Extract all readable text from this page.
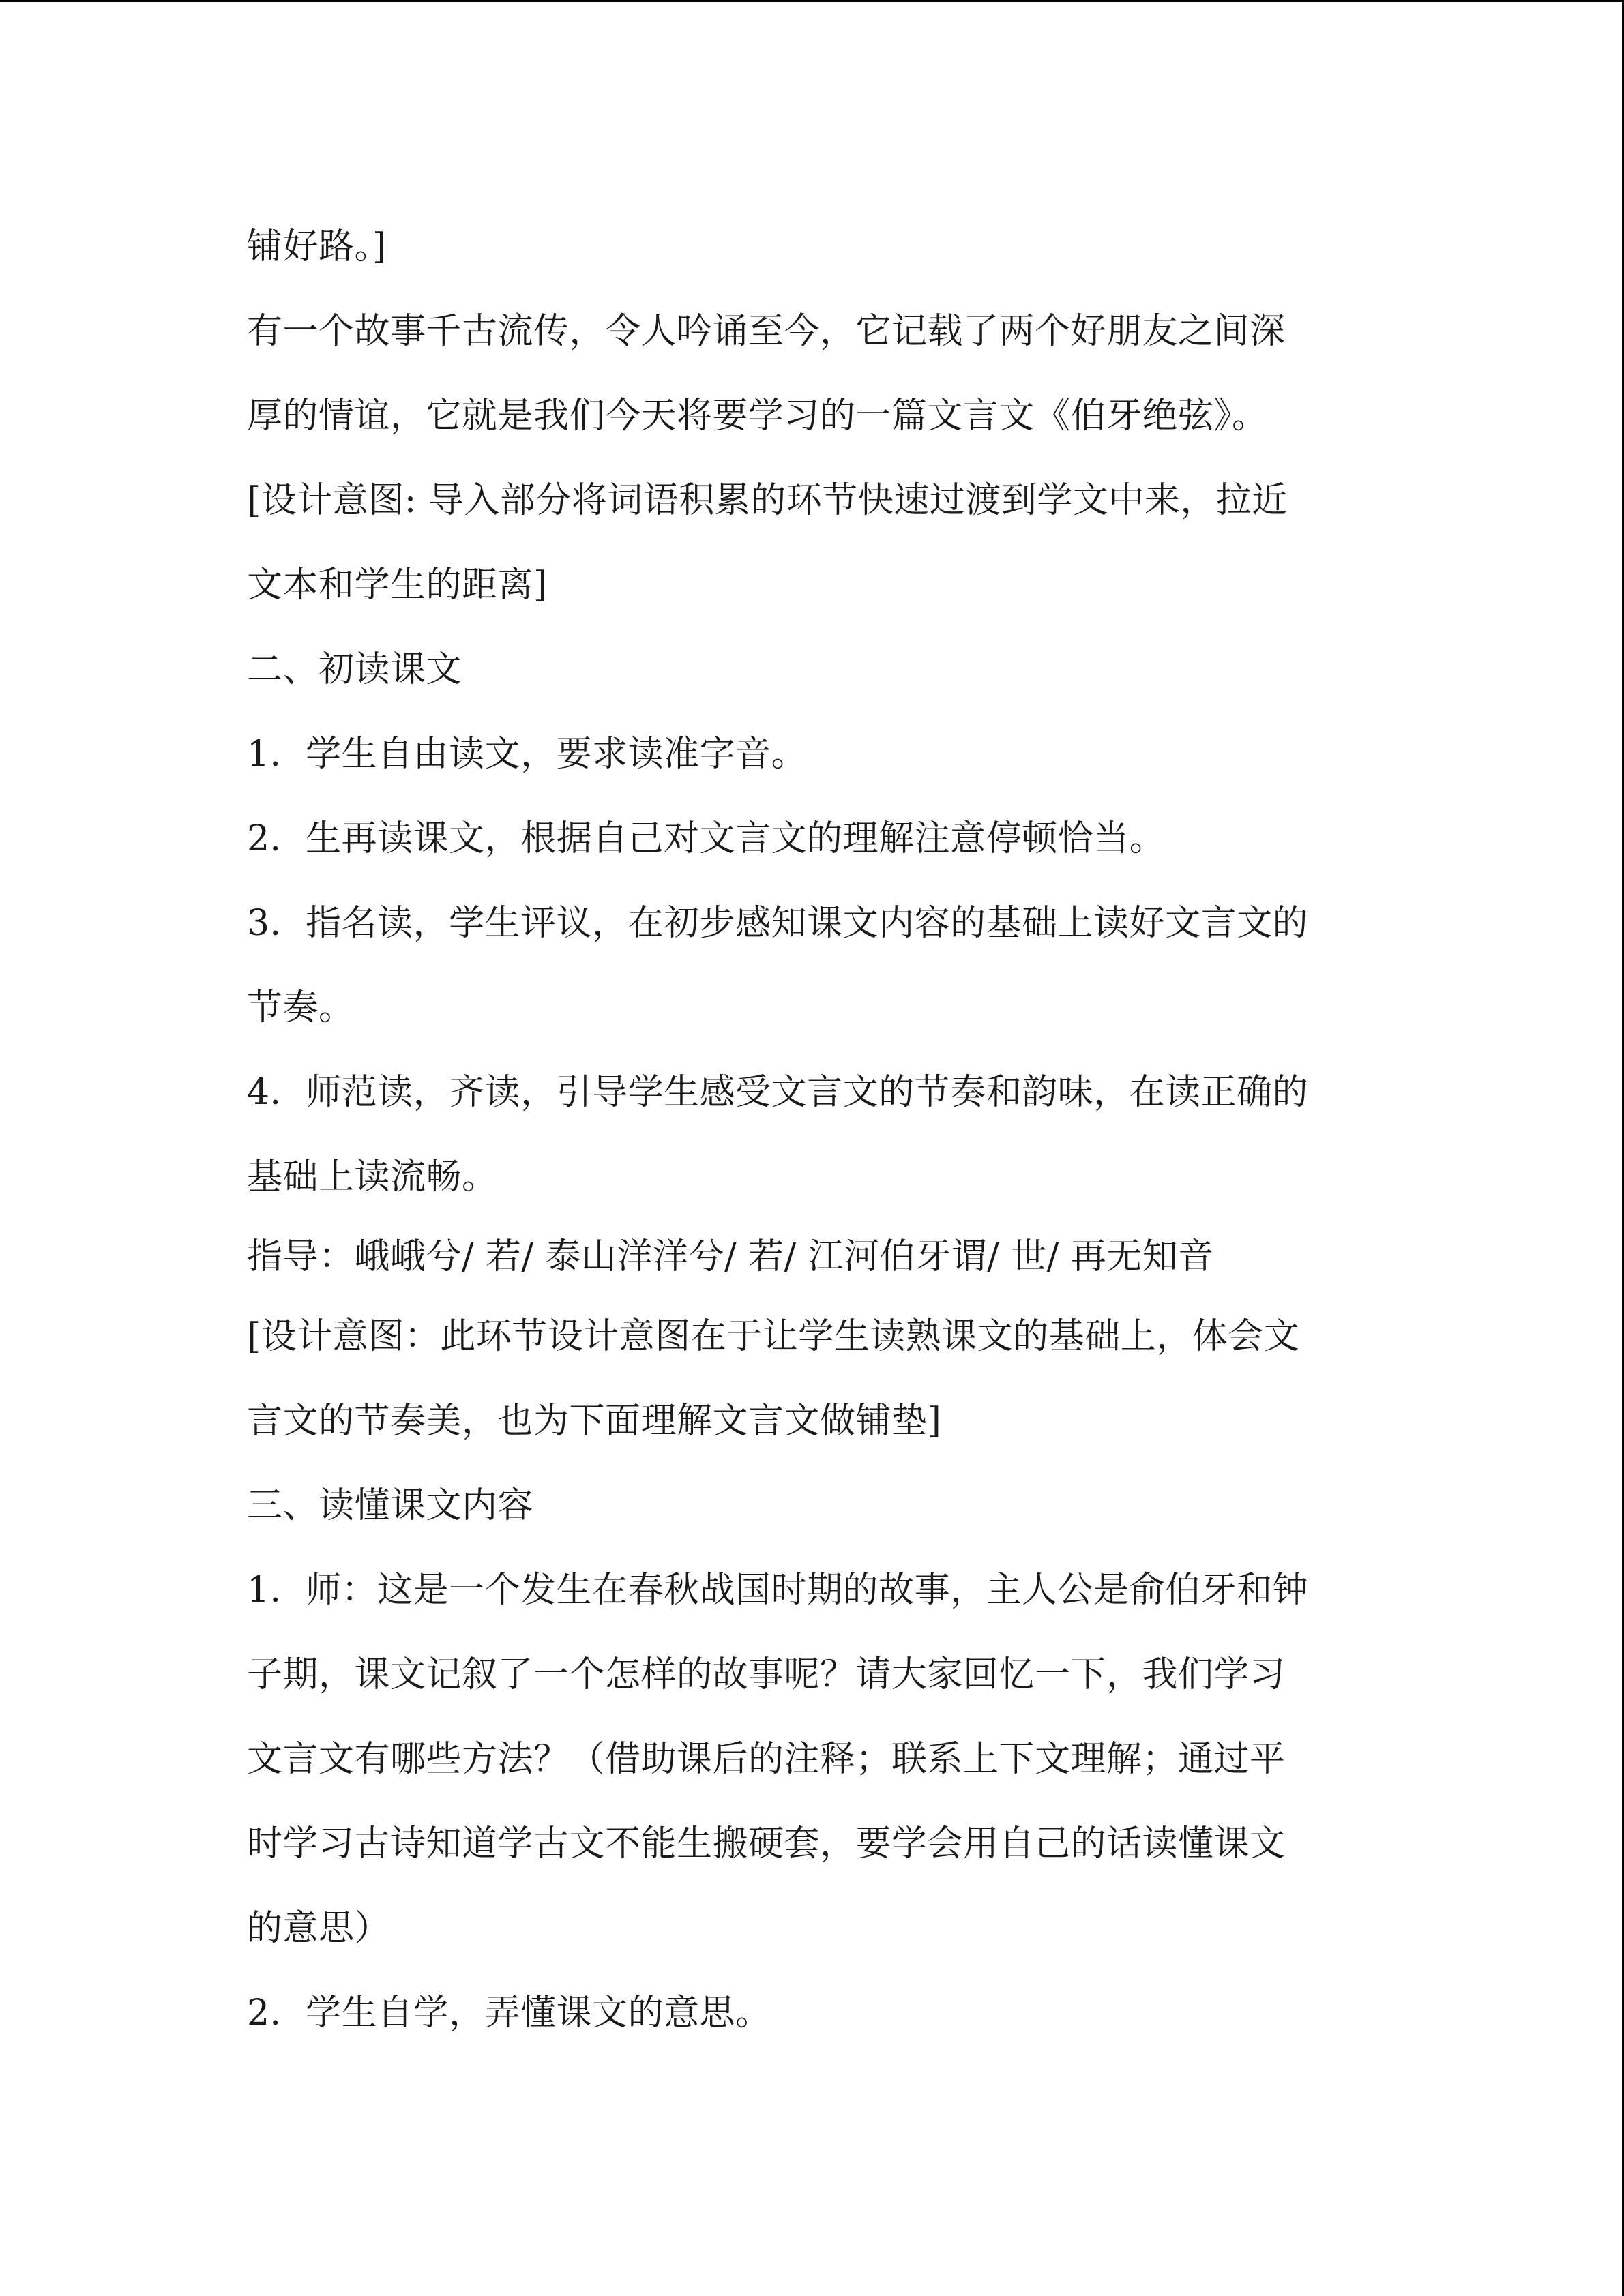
铺好路。]
有一个故事千古流传，令人吟诵至今，它记载了两个好朋友之间深
厚的情谊，它就是我们今天将要学习的一篇文言文《伯牙绝弦》。
[设计意图: 导入部分将词语积累的环节快速过渡到学文中来，拉近
文本和学生的距离]
二、初读课文
1．学生自由读文，要求读准字音。
2．生再读课文，根据自己对文言文的理解注意停顿恰当。
3．指名读，学生评议，在初步感知课文内容的基础上读好文言文的
节奏。
4．师范读，齐读，引导学生感受文言文的节奏和韵味，在读正确的
基础上读流畅。
指导：峨峨兮/ 若/ 泰山洋洋兮/ 若/ 江河伯牙谓/ 世/ 再无知音
[设计意图：此环节设计意图在于让学生读熟课文的基础上，体会文
言文的节奏美，也为下面理解文言文做铺垫]
三、读懂课文内容
1．师：这是一个发生在春秋战国时期的故事，主人公是俞伯牙和钟
子期，课文记叙了一个怎样的故事呢？请大家回忆一下，我们学习
文言文有哪些方法？（借助课后的注释；联系上下文理解；通过平
时学习古诗知道学古文不能生搬硬套，要学会用自己的话读懂课文
的意思）
2．学生自学，弄懂课文的意思。
